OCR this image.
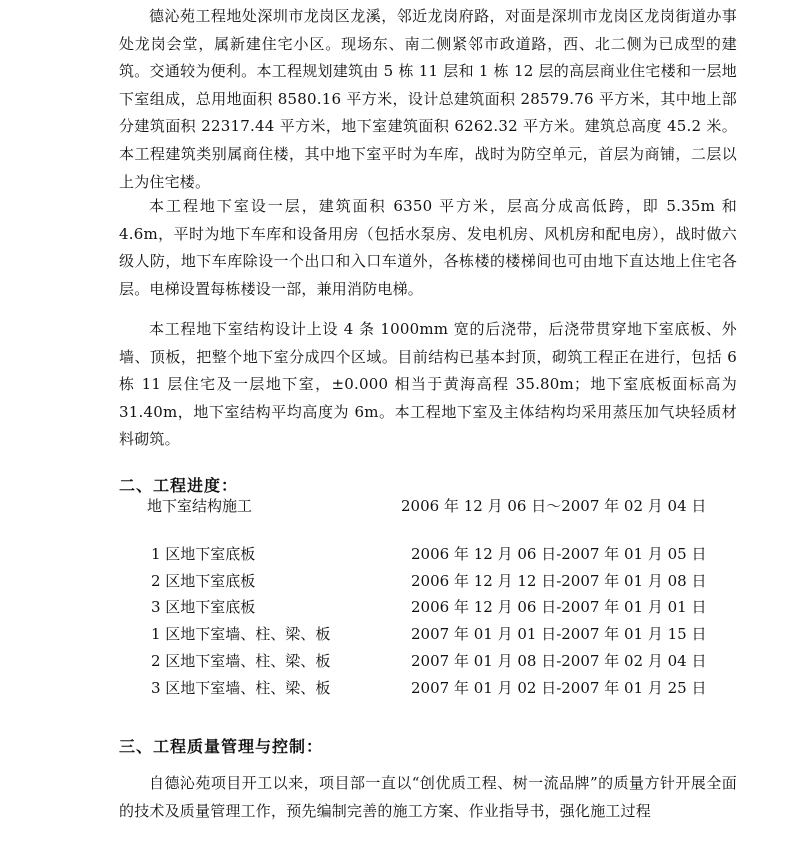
德沁苑工程地处深圳市龙岗区龙溪，邻近龙岗府路，对面是深圳市龙岗区龙岗街道办事处龙岗会堂，属新建住宅小区。现场东、南二侧紧邻市政道路，西、北二侧为已成型的建筑。交通较为便利。本工程规划建筑由 5 栋 11 层和 1 栋 12 层的高层商业住宅楼和一层地下室组成，总用地面积 8580.16 平方米，设计总建筑面积 28579.76 平方米，其中地上部分建筑面积 22317.44 平方米，地下室建筑面积 6262.32 平方米。建筑总高度 45.2 米。本工程建筑类别属商住楼，其中地下室平时为车库，战时为防空单元，首层为商铺，二层以上为住宅楼。

本工程地下室设一层，建筑面积 6350 平方米，层高分成高低跨，即 5.35m 和 4.6m，平时为地下车库和设备用房（包括水泵房、发电机房、风机房和配电房），战时做六级人防，地下车库除设一个出口和入口车道外，各栋楼的楼梯间也可由地下直达地上住宅各层。电梯设置每栋楼设一部，兼用消防电梯。

本工程地下室结构设计上设 4 条 1000mm 宽的后浇带，后浇带贯穿地下室底板、外墙、顶板，把整个地下室分成四个区域。目前结构已基本封顶，砌筑工程正在进行，包括 6 栋 11 层住宅及一层地下室，±0.000 相当于黄海高程 35.80m；地下室底板面标高为 31.40m，地下室结构平均高度为 6m。本工程地下室及主体结构均采用蒸压加气块轻质材料砌筑。

二、工程进度：
地下室结构施工	2006 年 12 月 06 日～2007 年 02 月 04 日
1 区地下室底板	2006 年 12 月 06 日-2007 年 01 月 05 日
2 区地下室底板	2006 年 12 月 12 日-2007 年 01 月 08 日
3 区地下室底板	2006 年 12 月 06 日-2007 年 01 月 01 日
1 区地下室墙、柱、梁、板	2007 年 01 月 01 日-2007 年 01 月 15 日
2 区地下室墙、柱、梁、板	2007 年 01 月 08 日-2007 年 02 月 04 日
3 区地下室墙、柱、梁、板	2007 年 01 月 02 日-2007 年 01 月 25 日
三、工程质量管理与控制：

自德沁苑项目开工以来，项目部一直以“创优质工程、树一流品牌”的质量方针开展全面的技术及质量管理工作，预先编制完善的施工方案、作业指导书，强化施工过程
